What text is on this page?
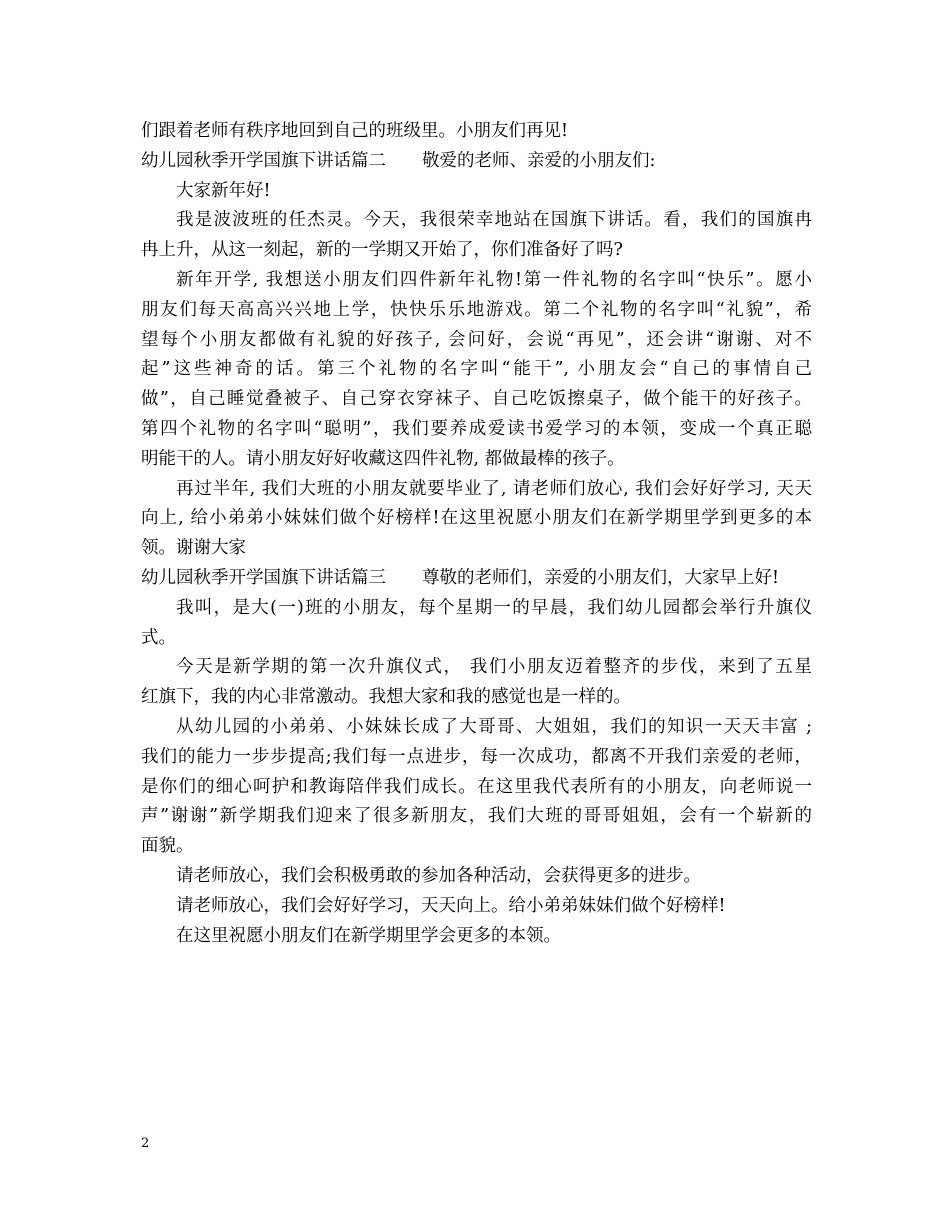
们跟着老师有秩序地回到自己的班级里。小朋友们再见!
幼儿园秋季开学国旗下讲话篇二 敬爱的老师、亲爱的小朋友们:
大家新年好!
我是波波班的任杰灵。今天，我很荣幸地站在国旗下讲话。看，我们的国旗冉
冉上升，从这一刻起，新的一学期又开始了，你们准备好了吗?
新年开学, 我想送小朋友们四件新年礼物!第一件礼物的名字叫“快乐”。愿小
朋友们每天高高兴兴地上学，快快乐乐地游戏。第二个礼物的名字叫“礼貌”，希
望每个小朋友都做有礼貌的好孩子, 会问好，会说“再见”，还会讲“谢谢、对不
起”这些神奇的话。第三个礼物的名字叫“能干”, 小朋友会“自己的事情自己
做”，自己睡觉叠被子、自己穿衣穿袜子、自己吃饭擦桌子，做个能干的好孩子。
第四个礼物的名字叫“聪明”，我们要养成爱读书爱学习的本领，变成一个真正聪
明能干的人。请小朋友好好收藏这四件礼物, 都做最棒的孩子。
再过半年, 我们大班的小朋友就要毕业了, 请老师们放心, 我们会好好学习, 天天
向上, 给小弟弟小妹妹们做个好榜样!在这里祝愿小朋友们在新学期里学到更多的本
领。谢谢大家
幼儿园秋季开学国旗下讲话篇三 尊敬的老师们，亲爱的小朋友们，大家早上好!
我叫，是大(一)班的小朋友，每个星期一的早晨，我们幼儿园都会举行升旗仪
式。
今天是新学期的第一次升旗仪式， 我们小朋友迈着整齐的步伐，来到了五星
红旗下，我的内心非常激动。我想大家和我的感觉也是一样的。
从幼儿园的小弟弟、小妹妹长成了大哥哥、大姐姐，我们的知识一天天丰富 ;
我们的能力一步步提高;我们每一点进步，每一次成功，都离不开我们亲爱的老师，
是你们的细心呵护和教诲陪伴我们成长。在这里我代表所有的小朋友，向老师说一
声”谢谢”新学期我们迎来了很多新朋友，我们大班的哥哥姐姐，会有一个崭新的
面貌。
请老师放心，我们会积极勇敢的参加各种活动，会获得更多的进步。
请老师放心，我们会好好学习，天天向上。给小弟弟妹妹们做个好榜样!
在这里祝愿小朋友们在新学期里学会更多的本领。
2
